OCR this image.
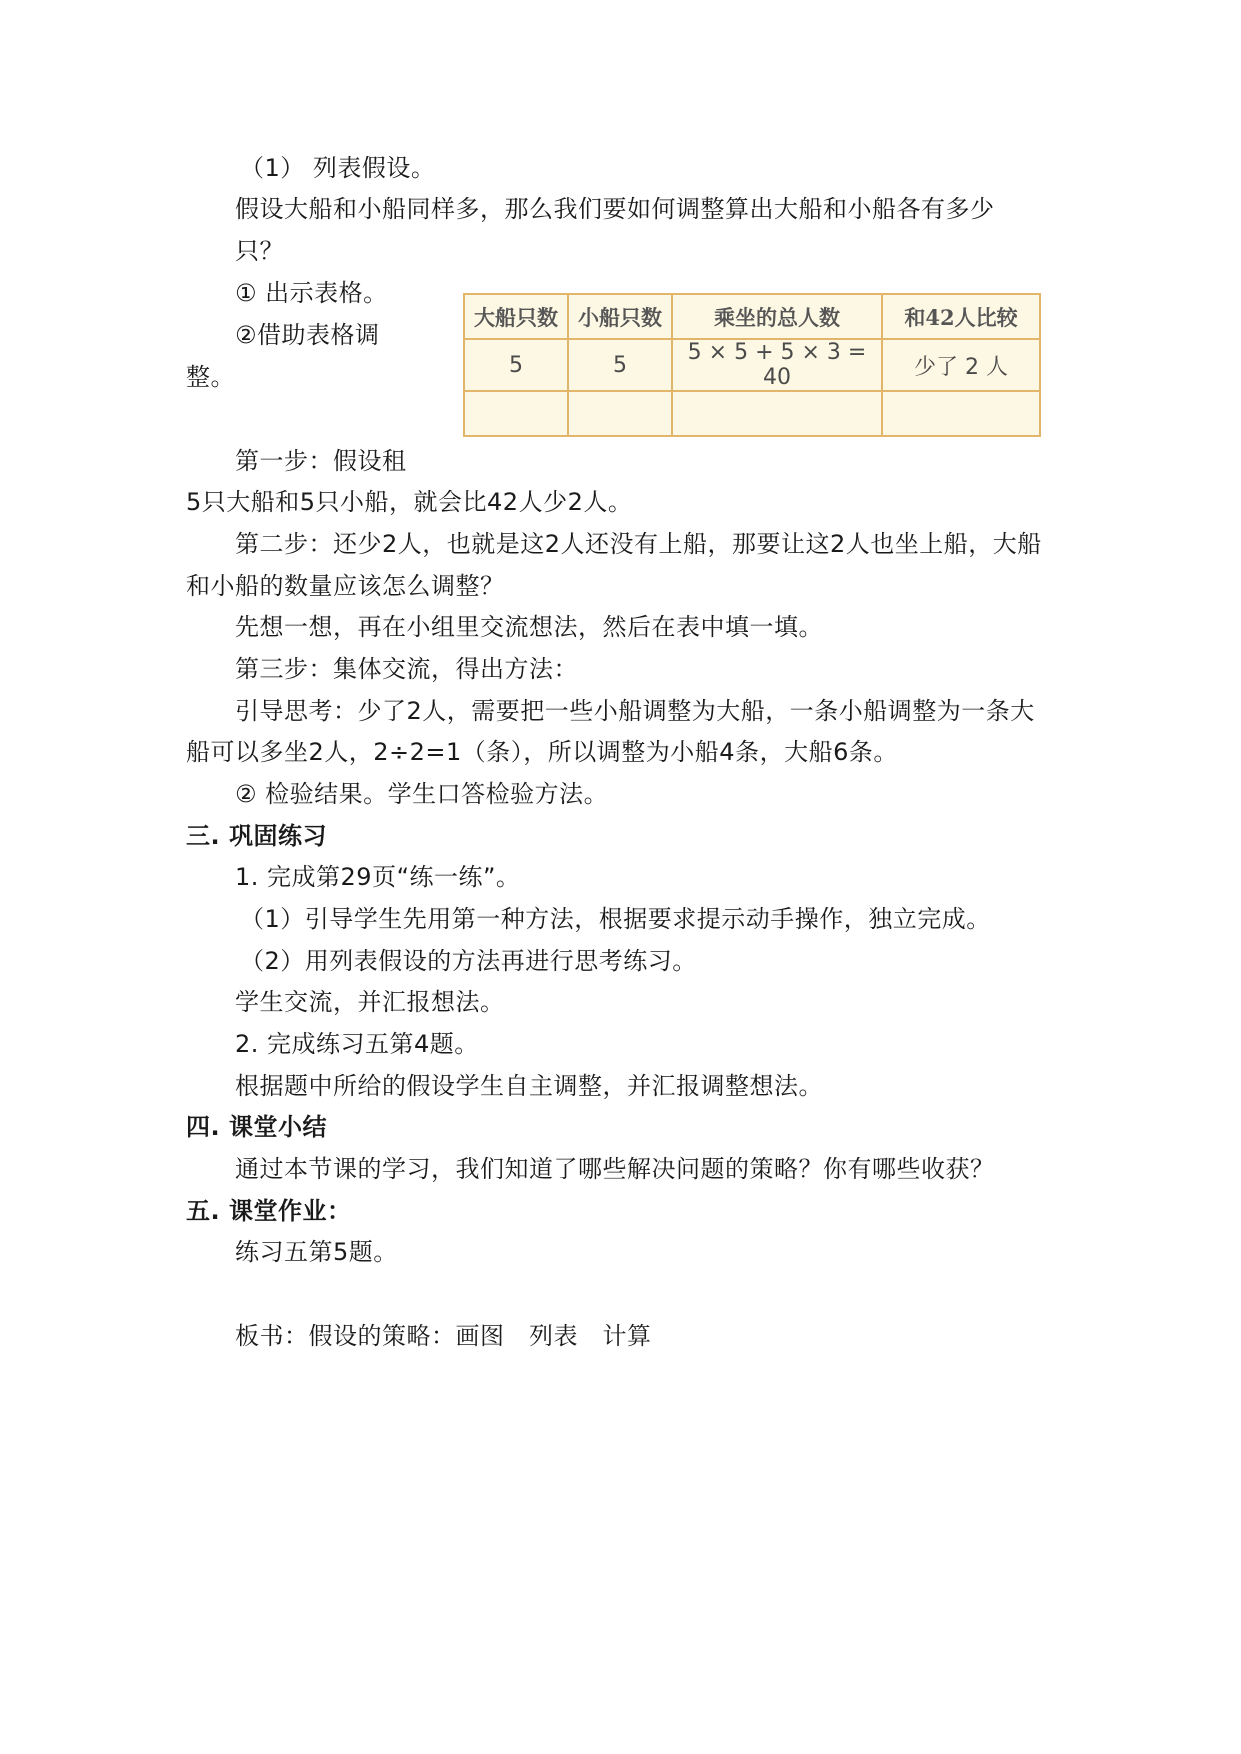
（1） 列表假设。
假设大船和小船同样多，那么我们要如何调整算出大船和小船各有多少
只？
① 出示表格。
②借助表格调
整。
大船只数	小船只数	乘坐的总人数	和42人比较
5	5	5 × 5 + 5 × 3 = 40	少了 2 人

第一步：假设租
5只大船和5只小船，就会比42人少2人。
第二步：还少2人，也就是这2人还没有上船，那要让这2人也坐上船，大船
和小船的数量应该怎么调整？
先想一想，再在小组里交流想法，然后在表中填一填。
第三步：集体交流，得出方法：
引导思考：少了2人，需要把一些小船调整为大船，一条小船调整为一条大
船可以多坐2人，2÷2=1（条），所以调整为小船4条，大船6条。
② 检验结果。学生口答检验方法。
三. 巩固练习
1. 完成第29页“练一练”。
（1）引导学生先用第一种方法，根据要求提示动手操作，独立完成。
（2）用列表假设的方法再进行思考练习。
学生交流，并汇报想法。
2. 完成练习五第4题。
根据题中所给的假设学生自主调整，并汇报调整想法。
四. 课堂小结
通过本节课的学习，我们知道了哪些解决问题的策略？你有哪些收获？
五. 课堂作业：
练习五第5题。
板书：假设的策略：画图　列表　计算
